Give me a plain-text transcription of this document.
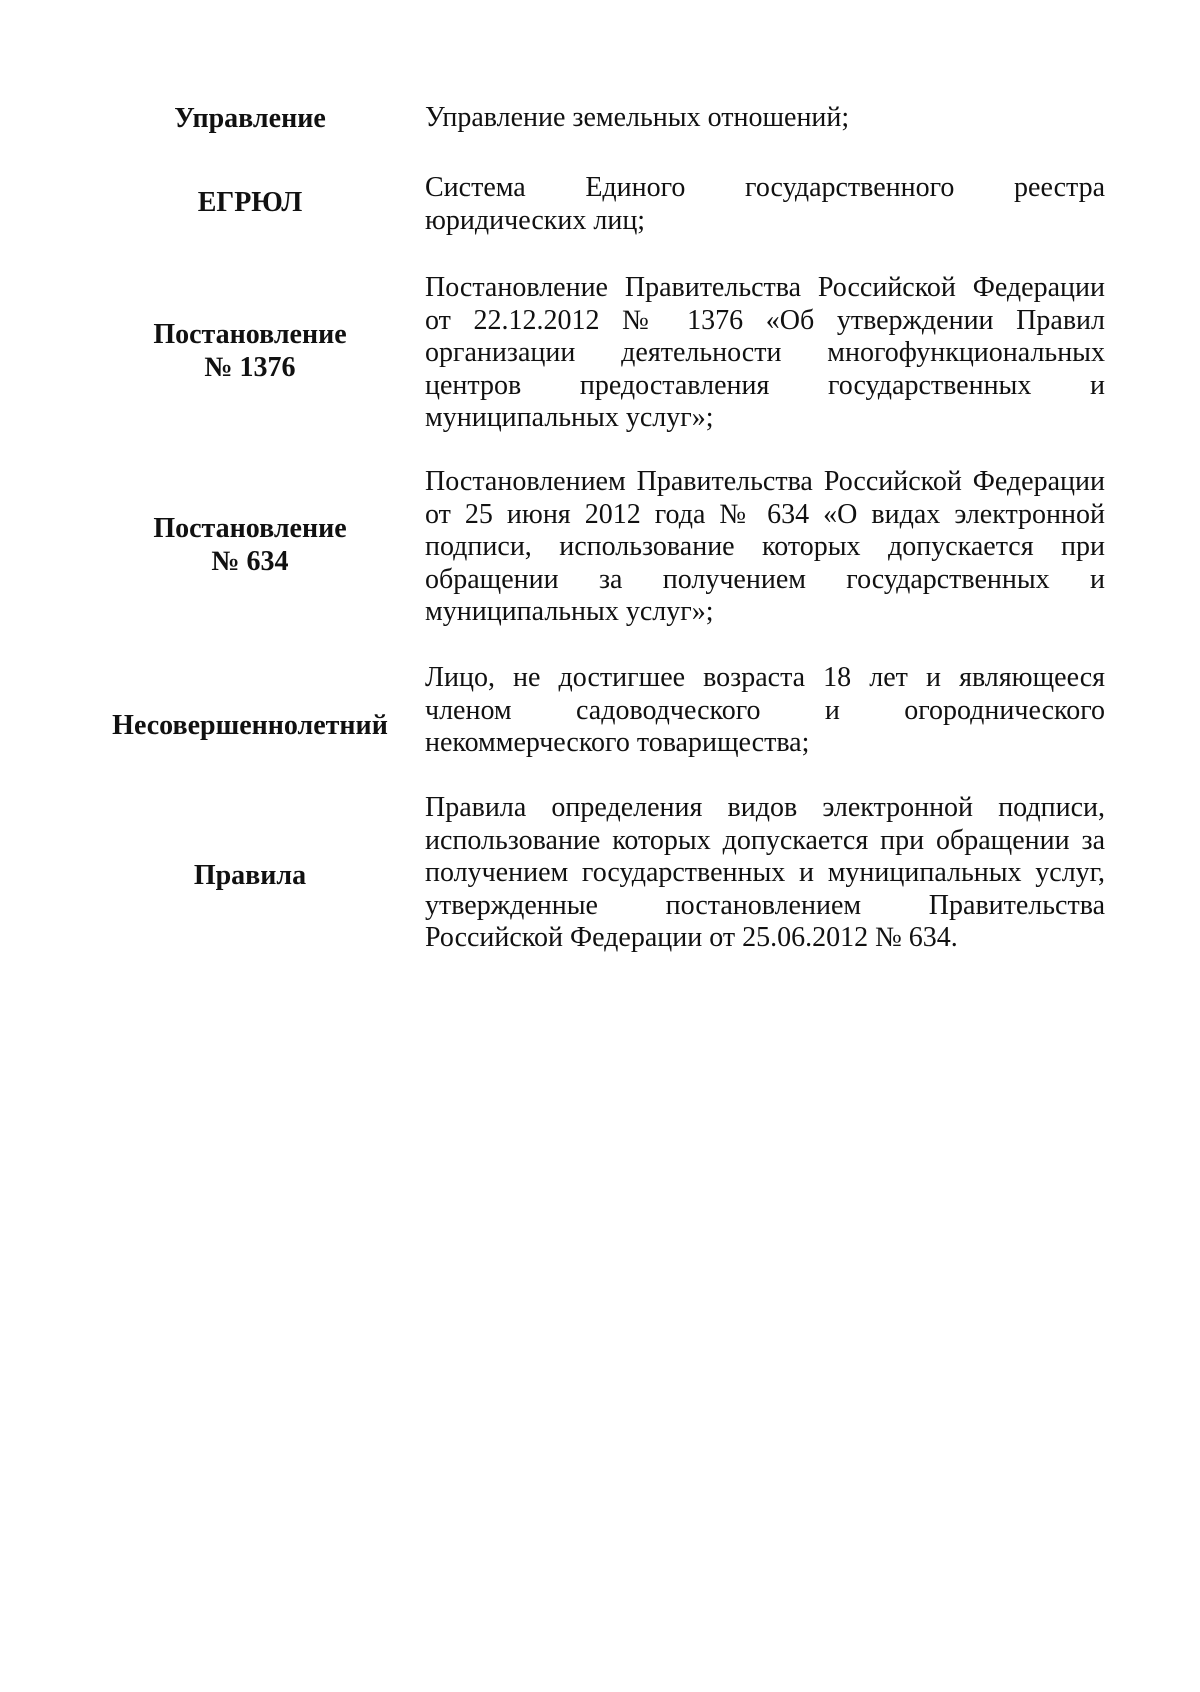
Управление	Управление земельных отношений;
ЕГРЮЛ	Система Единого государственного реестра
юридических лиц;
Постановление
№ 1376
Постановление Правительства Российской Федерации
от 22.12.2012 № 1376 «Об утверждении Правил
организации деятельности многофункциональных
центров предоставления государственных и
муниципальных услуг»;
Постановление
№ 634
Постановлением Правительства Российской Федерации
от 25 июня 2012 года № 634 «О видах электронной
подписи, использование которых допускается при
обращении за получением государственных и
муниципальных услуг»;
Несовершеннолетний
Лицо, не достигшее возраста 18 лет и являющееся
членом садоводческого и огороднического
некоммерческого товарищества;
Правила
Правила определения видов электронной подписи,
использование которых допускается при обращении за
получением государственных и муниципальных услуг,
утвержденные постановлением Правительства
Российской Федерации от 25.06.2012 № 634.
